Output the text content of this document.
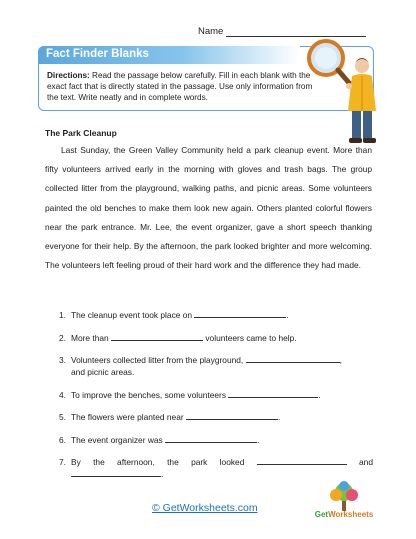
Name
Fact Finder Blanks
Directions: Read the passage below carefully. Fill in each blank with the exact fact that is directly stated in the passage. Use only information from the text. Write neatly and in complete words.
The Park Cleanup

Last Sunday, the Green Valley Community held a park cleanup event. More than fifty volunteers arrived early in the morning with gloves and trash bags. The group collected litter from the playground, walking paths, and picnic areas. Some volunteers painted the old benches to make them look new again. Others planted colorful flowers near the park entrance. Mr. Lee, the event organizer, gave a short speech thanking everyone for their help. By the afternoon, the park looked brighter and more welcoming. The volunteers left feeling proud of their hard work and the difference they had made.

1. The cleanup event took place on	.
2. More than	volunteers came to help.
3. Volunteers collected litter from the playground,	,
and picnic areas.
4. To improve the benches, some volunteers	.
5. The flowers were planted near	.
6. The event organizer was	.
7. By the afternoon, the park looked	and
.
© GetWorksheets.com
GetWorksheets
